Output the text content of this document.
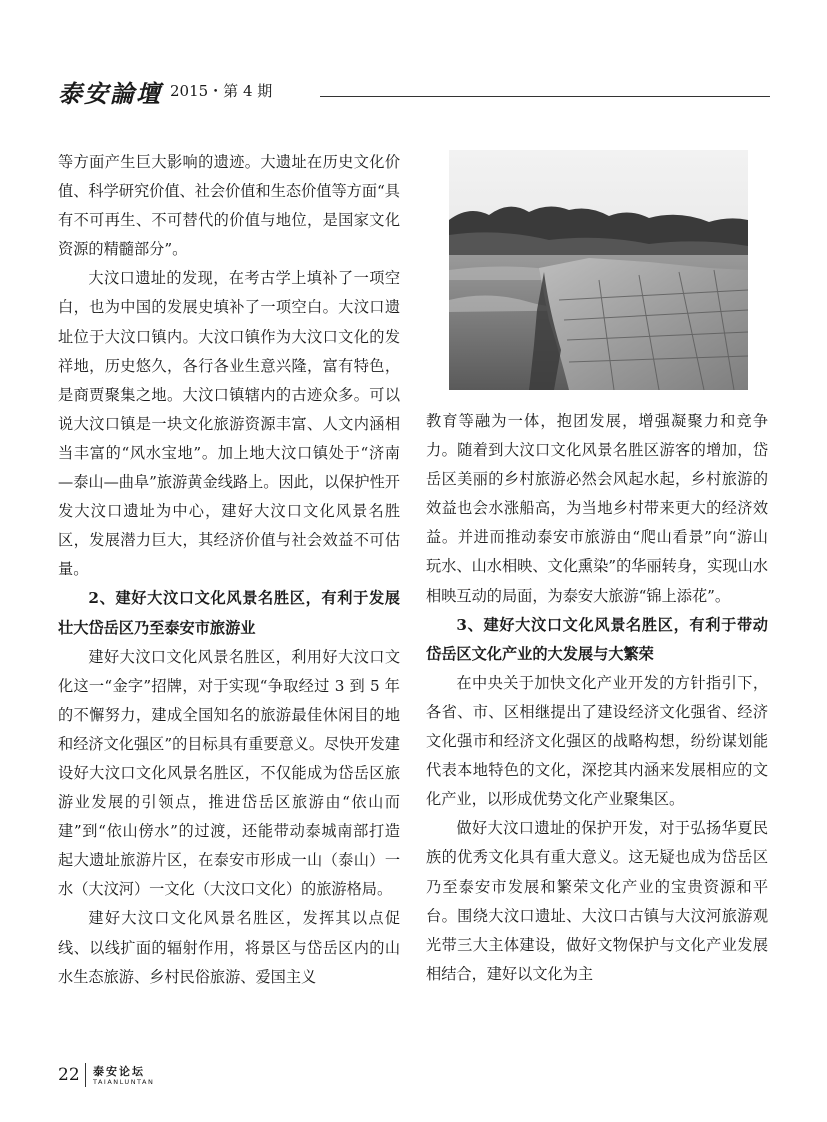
泰安論壇 2015・第 4 期

等方面产生巨大影响的遗迹。大遗址在历史文化价值、科学研究价值、社会价值和生态价值等方面“具有不可再生、不可替代的价值与地位，是国家文化资源的精髓部分”。

大汶口遗址的发现，在考古学上填补了一项空白，也为中国的发展史填补了一项空白。大汶口遗址位于大汶口镇内。大汶口镇作为大汶口文化的发祥地，历史悠久，各行各业生意兴隆，富有特色，是商贾聚集之地。大汶口镇辖内的古迹众多。可以说大汶口镇是一块文化旅游资源丰富、人文内涵相当丰富的“风水宝地”。加上地大汶口镇处于“济南—泰山—曲阜”旅游黄金线路上。因此，以保护性开发大汶口遗址为中心，建好大汶口文化风景名胜区，发展潜力巨大，其经济价值与社会效益不可估量。

2、建好大汶口文化风景名胜区，有利于发展壮大岱岳区乃至泰安市旅游业

建好大汶口文化风景名胜区，利用好大汶口文化这一“金字”招牌，对于实现“争取经过 3 到 5 年的不懈努力，建成全国知名的旅游最佳休闲目的地和经济文化强区”的目标具有重要意义。尽快开发建设好大汶口文化风景名胜区，不仅能成为岱岳区旅游业发展的引领点，推进岱岳区旅游由“依山而建”到“依山傍水”的过渡，还能带动泰城南部打造起大遗址旅游片区，在泰安市形成一山（泰山）一水（大汶河）一文化（大汶口文化）的旅游格局。

建好大汶口文化风景名胜区，发挥其以点促线、以线扩面的辐射作用，将景区与岱岳区内的山水生态旅游、乡村民俗旅游、爱国主义

教育等融为一体，抱团发展，增强凝聚力和竞争力。随着到大汶口文化风景名胜区游客的增加，岱岳区美丽的乡村旅游必然会风起水起，乡村旅游的效益也会水涨船高，为当地乡村带来更大的经济效益。并进而推动泰安市旅游由“爬山看景”向“游山玩水、山水相映、文化熏染”的华丽转身，实现山水相映互动的局面，为泰安大旅游“锦上添花”。

3、建好大汶口文化风景名胜区，有利于带动岱岳区文化产业的大发展与大繁荣

在中央关于加快文化产业开发的方针指引下，各省、市、区相继提出了建设经济文化强省、经济文化强市和经济文化强区的战略构想，纷纷谋划能代表本地特色的文化，深挖其内涵来发展相应的文化产业，以形成优势文化产业聚集区。

做好大汶口遗址的保护开发，对于弘扬华夏民族的优秀文化具有重大意义。这无疑也成为岱岳区乃至泰安市发展和繁荣文化产业的宝贵资源和平台。围绕大汶口遗址、大汶口古镇与大汶河旅游观光带三大主体建设，做好文物保护与文化产业发展相结合，建好以文化为主

22 泰安论坛
TAIANLUNTAN
